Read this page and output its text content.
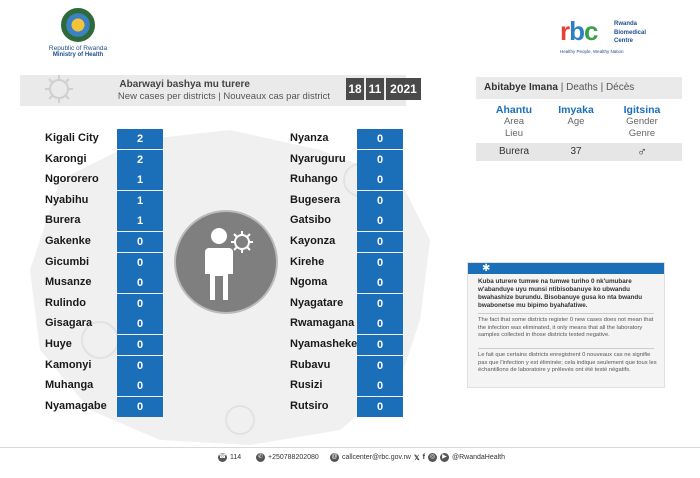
Republic of Rwanda
Ministry of Health
rbc	Rwanda
Biomedical
Centre
Healthy People, Wealthy Nation
Abarwayi bashya mu turere
New cases per districts | Nouveaux cas par district
18 11 2021
Kigali City	2
Karongi	2
Ngororero	1
Nyabihu	1
Burera	1
Gakenke	0
Gicumbi	0
Musanze	0
Rulindo	0
Gisagara	0
Huye	0
Kamonyi	0
Muhanga	0
Nyamagabe	0
Nyanza	0
Nyaruguru	0
Ruhango	0
Bugesera	0
Gatsibo	0
Kayonza	0
Kirehe	0
Ngoma	0
Nyagatare	0
Rwamagana	0
Nyamasheke	0
Rubavu	0
Rusizi	0
Rutsiro	0
Abitabye Imana | Deaths | Décès
Ahantu
Area
Lieu
Imyaka
Age
Igitsina
Gender
Genre
Burera	37	♂
✱
Kuba uturere tumwe na tumwe turiho 0 nk'umubare w'abanduye uyu munsi ntibisobanuye ko ubwandu bwahashize burundu. Bisobanuye gusa ko nta bwandu bwabonetse mu bipimo byahafatiwe.
The fact that some districts register 0 new cases does not mean that the infection was eliminated, it only means that all the laboratory samples collected in those districts tested negative.
Le fait que certains districts enregistrent 0 nouveaux cas ne signifie pas que l'infection y est éliminée; cela indique seulement que tous les échantillons de laboratoire y prélevés ont été testé négatifs.
☎ 114	✆ +250788202080 @ callcenter@rbc.gov.rw 𝕏 f ◎	▶ @RwandaHealth
